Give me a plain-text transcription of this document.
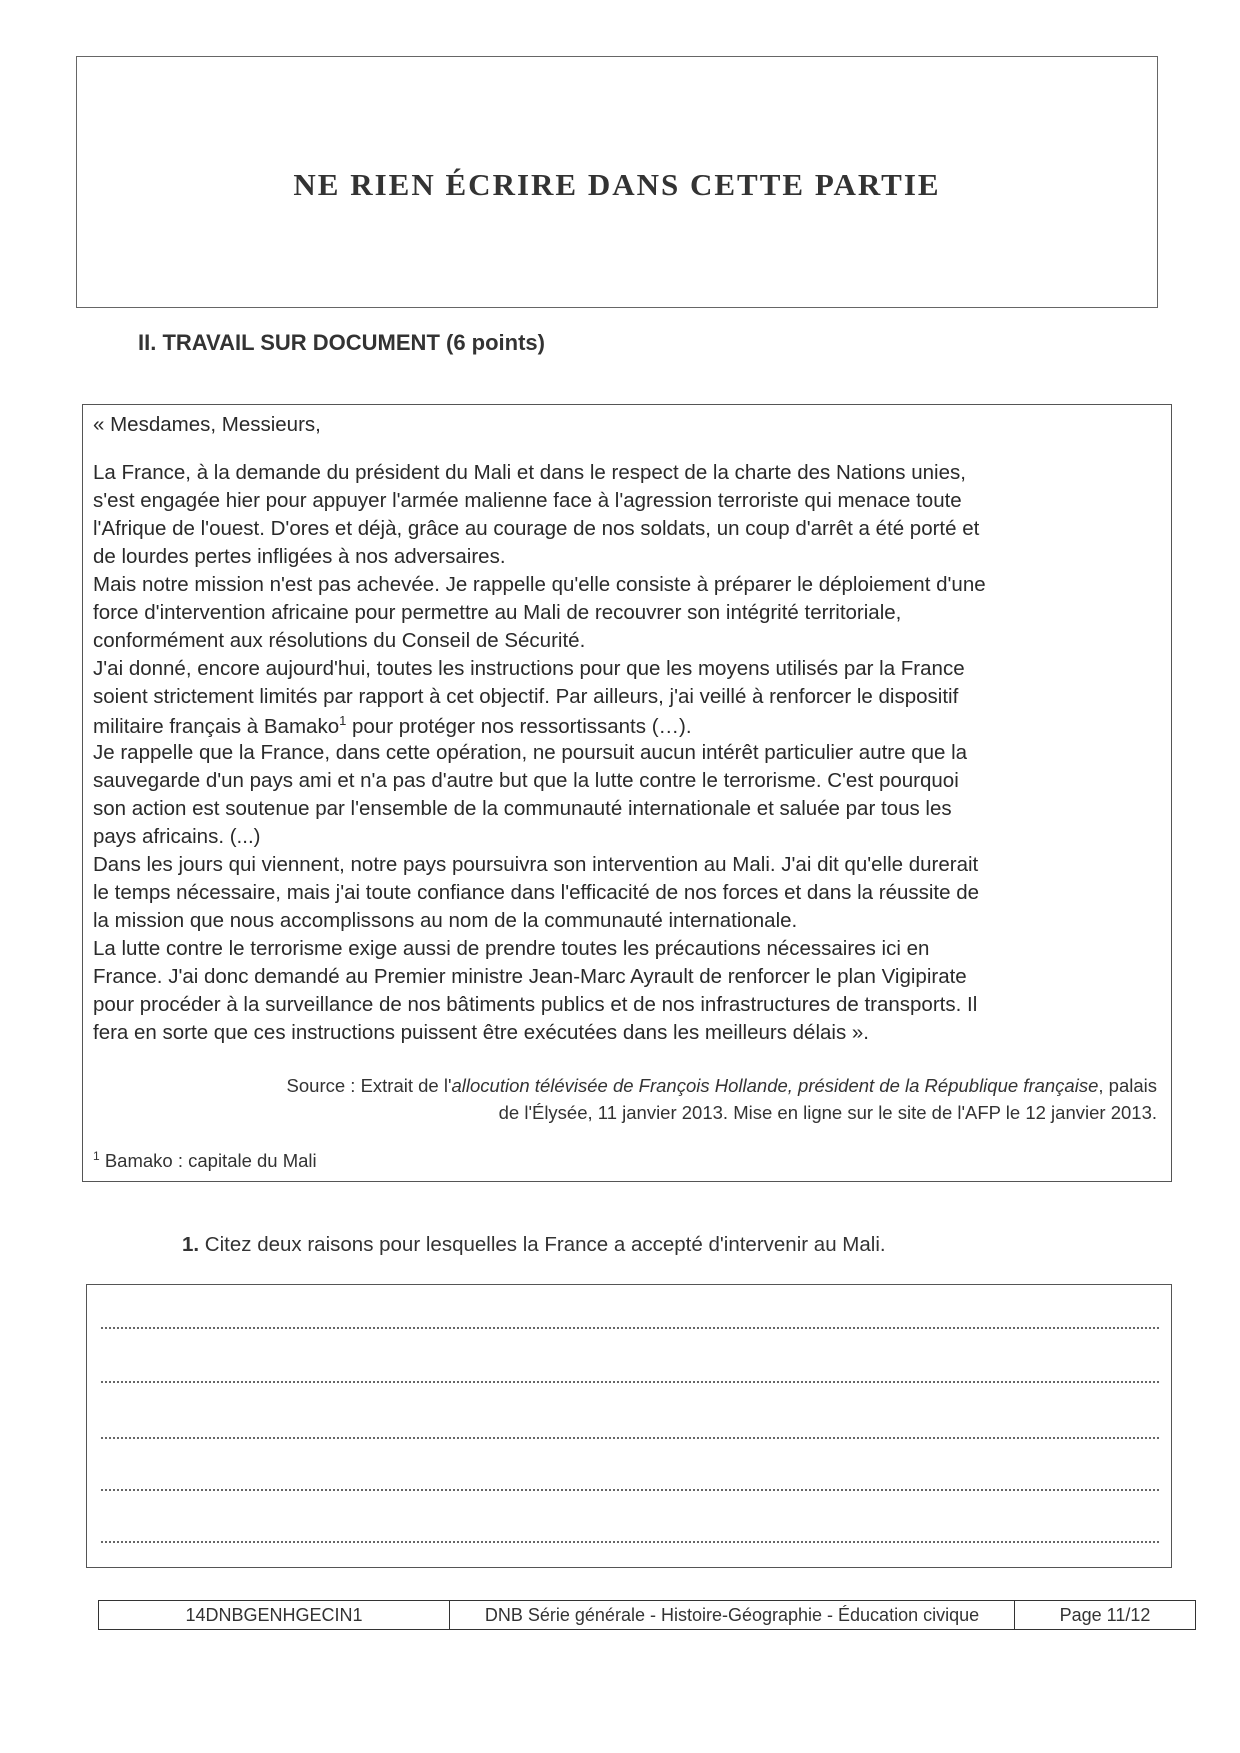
NE RIEN ÉCRIRE DANS CETTE PARTIE
II. TRAVAIL SUR DOCUMENT (6 points)
« Mesdames, Messieurs,
La France, à la demande du président du Mali et dans le respect de la charte des Nations unies,
s'est engagée hier pour appuyer l'armée malienne face à l'agression terroriste qui menace toute
l'Afrique de l'ouest. D'ores et déjà, grâce au courage de nos soldats, un coup d'arrêt a été porté et
de lourdes pertes infligées à nos adversaires.
Mais notre mission n'est pas achevée. Je rappelle qu'elle consiste à préparer le déploiement d'une
force d'intervention africaine pour permettre au Mali de recouvrer son intégrité territoriale,
conformément aux résolutions du Conseil de Sécurité.
J'ai donné, encore aujourd'hui, toutes les instructions pour que les moyens utilisés par la France
soient strictement limités par rapport à cet objectif. Par ailleurs, j'ai veillé à renforcer le dispositif
militaire français à Bamako$^1$ pour protéger nos ressortissants (…).
Je rappelle que la France, dans cette opération, ne poursuit aucun intérêt particulier autre que la
sauvegarde d'un pays ami et n'a pas d'autre but que la lutte contre le terrorisme. C'est pourquoi
son action est soutenue par l'ensemble de la communauté internationale et saluée par tous les
pays africains. (...)
Dans les jours qui viennent, notre pays poursuivra son intervention au Mali. J'ai dit qu'elle durerait
le temps nécessaire, mais j'ai toute confiance dans l'efficacité de nos forces et dans la réussite de
la mission que nous accomplissons au nom de la communauté internationale.
La lutte contre le terrorisme exige aussi de prendre toutes les précautions nécessaires ici en
France. J'ai donc demandé au Premier ministre Jean-Marc Ayrault de renforcer le plan Vigipirate
pour procéder à la surveillance de nos bâtiments publics et de nos infrastructures de transports. Il
fera en sorte que ces instructions puissent être exécutées dans les meilleurs délais ».
Source : Extrait de l'allocution télévisée de François Hollande, président de la République française, palais
de l'Élysée, 11 janvier 2013. Mise en ligne sur le site de l'AFP le 12 janvier 2013.
$^1$ Bamako : capitale du Mali
1. Citez deux raisons pour lesquelles la France a accepté d'intervenir au Mali.
14DNBGENHGECIN1	DNB Série générale - Histoire-Géographie - Éducation civique	Page 11/12
